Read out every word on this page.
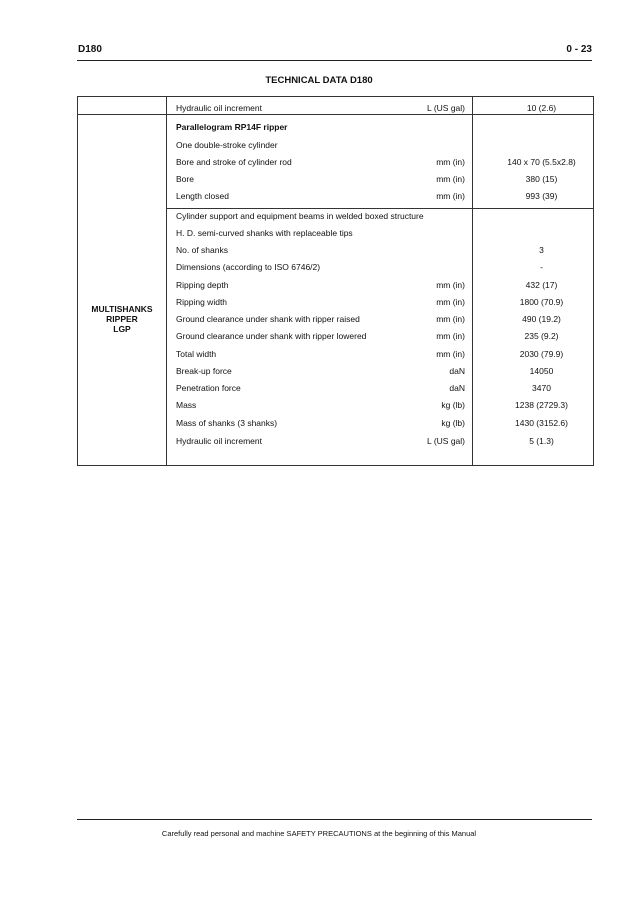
D180	0 - 23
TECHNICAL DATA D180
MULTISHANKS
RIPPER
LGP
Hydraulic oil increment	L (US gal)	10 (2.6)
Parallelogram RP14F ripper
One double-stroke cylinder
Bore and stroke of cylinder rod	mm (in)	140 x 70 (5.5x2.8)
Bore	mm (in)	380 (15)
Length closed	mm (in)	993 (39)
Cylinder support and equipment beams in welded boxed structure
H. D. semi-curved shanks with replaceable tips
No. of shanks	3
Dimensions (according to ISO 6746/2)	-
Ripping depth	mm (in)	432 (17)
Ripping width	mm (in)	1800 (70.9)
Ground clearance under shank with ripper raised	mm (in)	490 (19.2)
Ground clearance under shank with ripper lowered	mm (in)	235 (9.2)
Total width	mm (in)	2030 (79.9)
Break-up force	daN	14050
Penetration force	daN	3470
Mass	kg (lb)	1238 (2729.3)
Mass of shanks (3 shanks)	kg (lb)	1430 (3152.6)
Hydraulic oil increment	L (US gal)	5 (1.3)
Carefully read personal and machine SAFETY PRECAUTIONS at the beginning of this Manual
